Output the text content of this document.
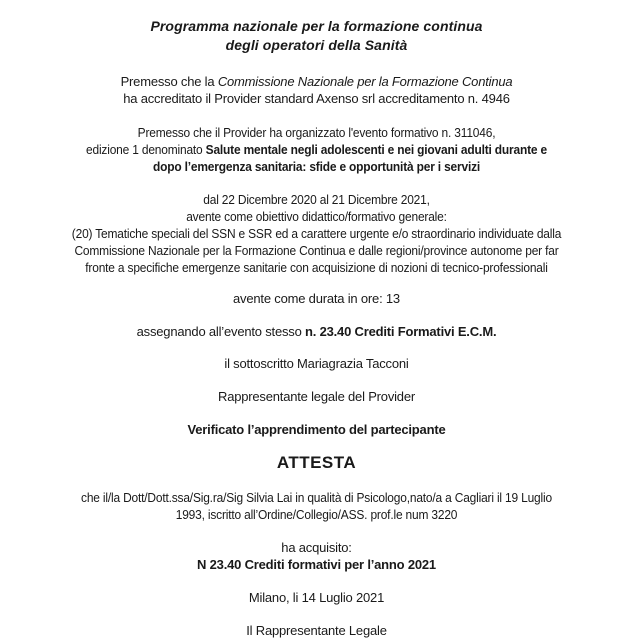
Programma nazionale per la formazione continua
degli operatori della Sanità
Premesso che la Commissione Nazionale per la Formazione Continua
ha accreditato il Provider standard Axenso srl accreditamento n. 4946
Premesso che il Provider ha organizzato l'evento formativo n. 311046,
edizione 1 denominato Salute mentale negli adolescenti e nei giovani adulti durante e
dopo l’emergenza sanitaria: sfide e opportunità per i servizi
dal 22 Dicembre 2020 al 21 Dicembre 2021,
avente come obiettivo didattico/formativo generale:
(20) Tematiche speciali del SSN e SSR ed a carattere urgente e/o straordinario individuate dalla
Commissione Nazionale per la Formazione Continua e dalle regioni/province autonome per far
fronte a specifiche emergenze sanitarie con acquisizione di nozioni di tecnico-professionali
avente come durata in ore: 13
assegnando all’evento stesso n. 23.40 Crediti Formativi E.C.M.
il sottoscritto Mariagrazia Tacconi
Rappresentante legale del Provider
Verificato l’apprendimento del partecipante
ATTESTA
che il/la Dott/Dott.ssa/Sig.ra/Sig Silvia Lai in qualità di Psicologo,nato/a a Cagliari il 19 Luglio
1993, iscritto all’Ordine/Collegio/ASS. prof.le num 3220
ha acquisito:
N 23.40 Crediti formativi per l’anno 2021
Milano, li 14 Luglio 2021
Il Rappresentante Legale
